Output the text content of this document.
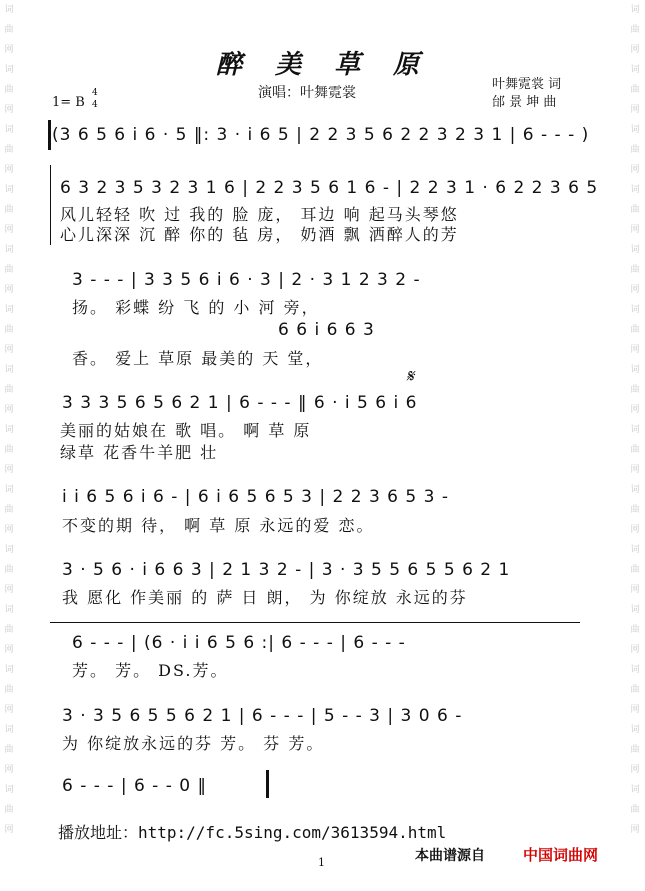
词
曲
网
词
曲
网
词
曲
网
词
曲
网
词
曲
网
词
曲
网
词
曲
网
词
曲
网
词
曲
网
词
曲
网
词
曲
网
词
曲
网
词
曲
网
词
曲
网
词
曲
网
词
曲
网
词
曲
网
词
曲
网
词
曲
网
词
曲
网
词
曲
网
词
曲
网
词
曲
网
词
曲
网
词
曲
网
词
曲
网
词
曲
网
词
曲
网
醉 美 草 原
演唱：叶舞霓裳
叶舞霓裳 词
邰 景 坤 曲
1= B
4
4
(3 6 5 6 i 6 · 5 ‖: 3 · i 6 5 | 2 2 3 5 6 2 2 3 2 3 1 | 6 - - - )
6 3 2 3 5 3 2 3 1 6 | 2 2 3 5 6 1 6 - | 2 2 3 1 · 6 2 2 3 6 5
风儿轻轻 吹 过 我的 脸 庞， 耳边 响 起马头琴悠
心儿深深 沉 醉 你的 毡 房， 奶酒 飘 洒醉人的芳
3 - - - | 3 3 5 6 i 6 · 3 | 2 · 3 1 2 3 2 -
扬。 彩蝶 纷 飞 的 小 河 旁，
6 6 i 6 6 3
香。 爱上 草原 最美的 天 堂，
𝄋
3 3 3 5 6 5 6 2 1 | 6 - - - ‖ 6 · i 5 6 i 6
美丽的姑娘在 歌 唱。 啊 草 原
绿草 花香牛羊肥 壮
i i 6 5 6 i 6 - | 6 i 6 5 6 5 3 | 2 2 3 6 5 3 -
不变的期 待， 啊 草 原 永远的爱 恋。
3 · 5 6 · i 6 6 3 | 2 1 3 2 - | 3 · 3 5 5 6 5 5 6 2 1
我 愿化 作美丽 的 萨 日 朗， 为 你绽放 永远的芬
6 - - - | (6 · i i 6 5 6 :| 6 - - - | 6 - - -
芳。 芳。 DS.芳。
3 · 3 5 6 5 5 6 2 1 | 6 - - - | 5 - - 3 | 3 0 6 -
为 你绽放永远的芬 芳。 芬 芳。
6 - - - | 6 - - 0 ‖
播放地址：http://fc.5sing.com/3613594.html
本曲谱源自	中国词曲网
1
